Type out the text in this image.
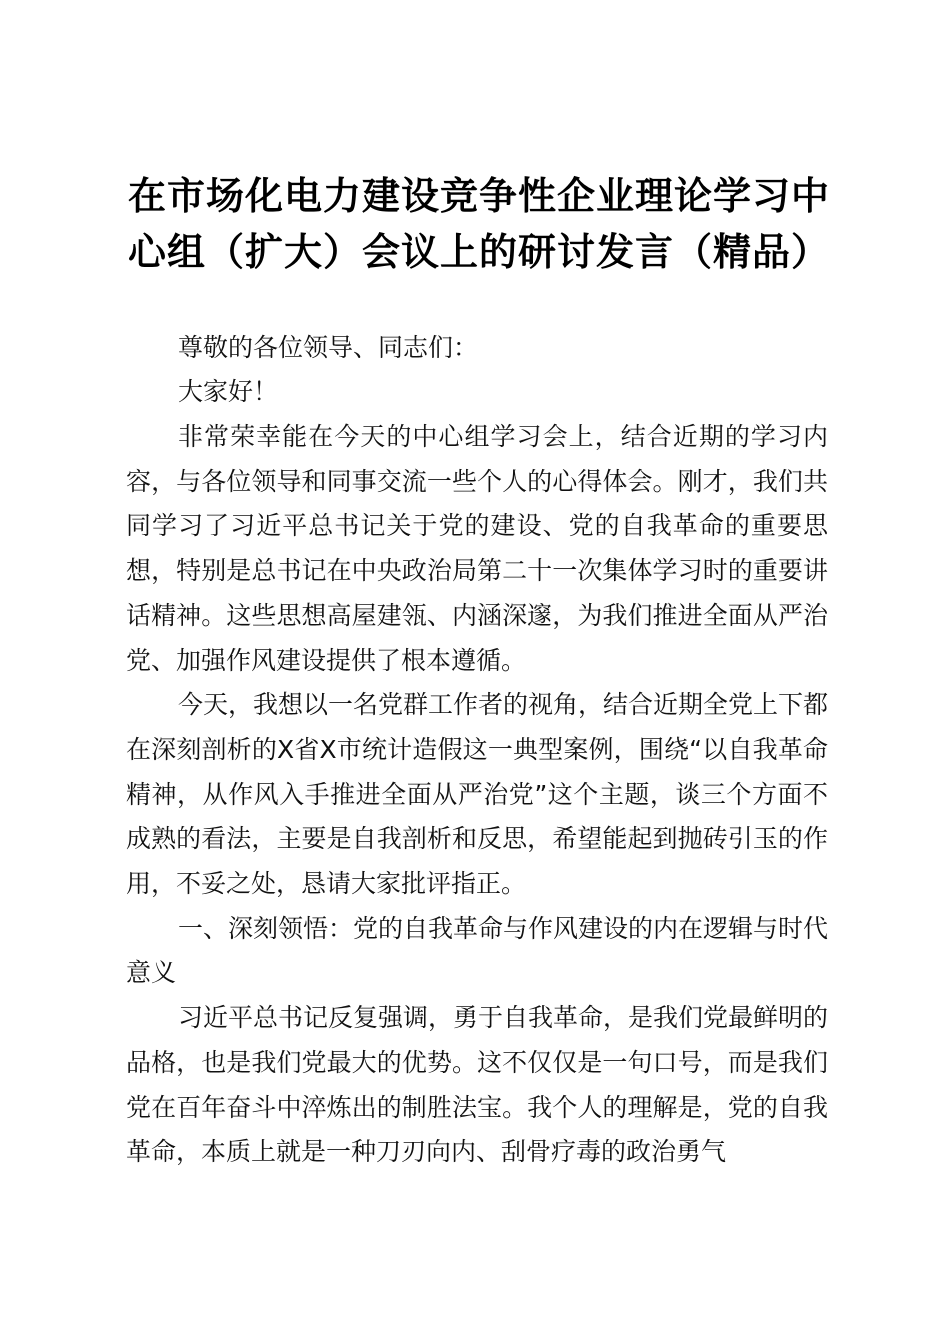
在市场化电力建设竞争性企业理论学习中心组（扩大）会议上的研讨发言（精品）

尊敬的各位领导、同志们：

大家好！

非常荣幸能在今天的中心组学习会上，结合近期的学习内容，与各位领导和同事交流一些个人的心得体会。刚才，我们共同学习了习近平总书记关于党的建设、党的自我革命的重要思想，特别是总书记在中央政治局第二十一次集体学习时的重要讲话精神。这些思想高屋建瓴、内涵深邃，为我们推进全面从严治党、加强作风建设提供了根本遵循。

今天，我想以一名党群工作者的视角，结合近期全党上下都在深刻剖析的X省X市统计造假这一典型案例，围绕“以自我革命精神，从作风入手推进全面从严治党”这个主题，谈三个方面不成熟的看法，主要是自我剖析和反思，希望能起到抛砖引玉的作用，不妥之处，恳请大家批评指正。

一、深刻领悟：党的自我革命与作风建设的内在逻辑与时代意义

习近平总书记反复强调，勇于自我革命，是我们党最鲜明的品格，也是我们党最大的优势。这不仅仅是一句口号，而是我们党在百年奋斗中淬炼出的制胜法宝。我个人的理解是，党的自我革命，本质上就是一种刀刃向内、刮骨疗毒的政治勇气
